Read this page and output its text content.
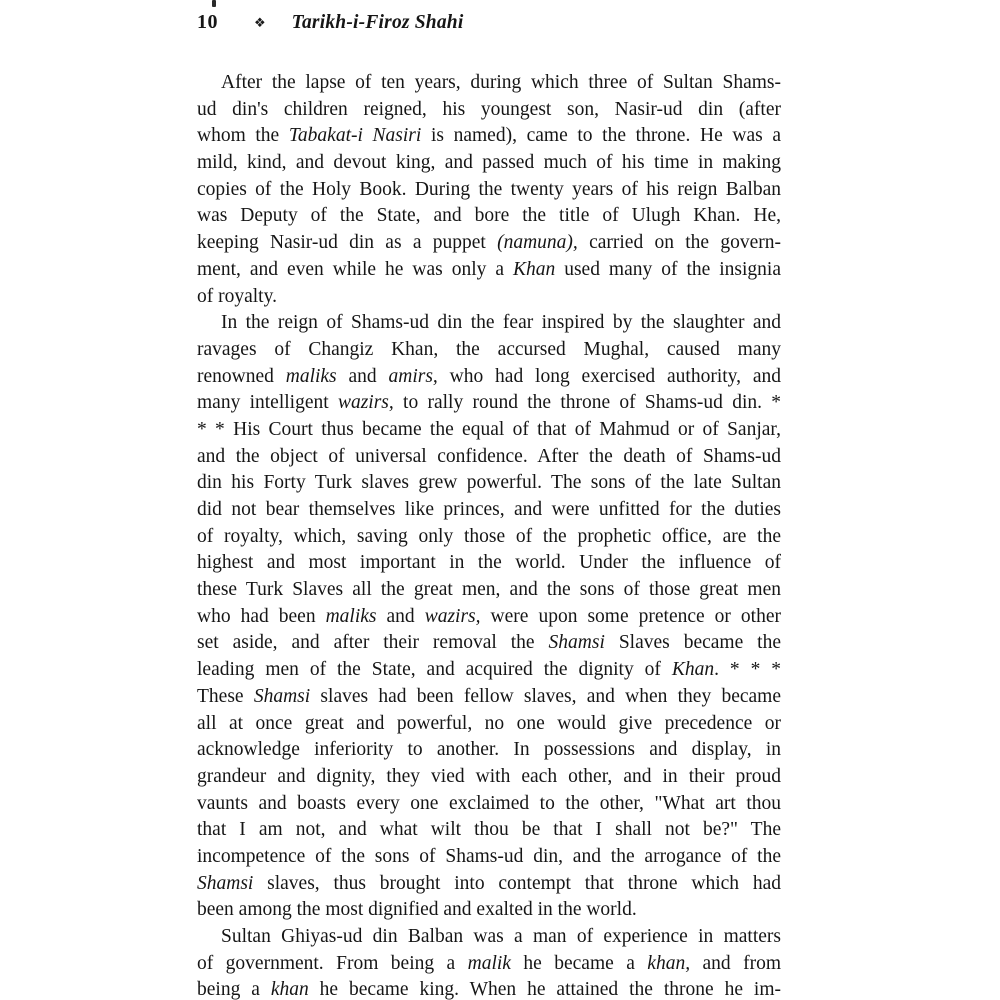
10	❖ Tarikh-i-Firoz Shahi
After the lapse of ten years, during which three of Sultan Shams-
ud din's children reigned, his youngest son, Nasir-ud din (after
whom the Tabakat-i Nasiri is named), came to the throne. He was a
mild, kind, and devout king, and passed much of his time in making
copies of the Holy Book. During the twenty years of his reign Balban
was Deputy of the State, and bore the title of Ulugh Khan. He,
keeping Nasir-ud din as a puppet (namuna), carried on the govern-
ment, and even while he was only a Khan used many of the insignia
of royalty.
In the reign of Shams-ud din the fear inspired by the slaughter and
ravages of Changiz Khan, the accursed Mughal, caused many
renowned maliks and amirs, who had long exercised authority, and
many intelligent wazirs, to rally round the throne of Shams-ud din. *
* * His Court thus became the equal of that of Mahmud or of Sanjar,
and the object of universal confidence. After the death of Shams-ud
din his Forty Turk slaves grew powerful. The sons of the late Sultan
did not bear themselves like princes, and were unfitted for the duties
of royalty, which, saving only those of the prophetic office, are the
highest and most important in the world. Under the influence of
these Turk Slaves all the great men, and the sons of those great men
who had been maliks and wazirs, were upon some pretence or other
set aside, and after their removal the Shamsi Slaves became the
leading men of the State, and acquired the dignity of Khan. * * *
These Shamsi slaves had been fellow slaves, and when they became
all at once great and powerful, no one would give precedence or
acknowledge inferiority to another. In possessions and display, in
grandeur and dignity, they vied with each other, and in their proud
vaunts and boasts every one exclaimed to the other, "What art thou
that I am not, and what wilt thou be that I shall not be?" The
incompetence of the sons of Shams-ud din, and the arrogance of the
Shamsi slaves, thus brought into contempt that throne which had
been among the most dignified and exalted in the world.
Sultan Ghiyas-ud din Balban was a man of experience in matters
of government. From being a malik he became a khan, and from
being a khan he became king. When he attained the throne he im-
